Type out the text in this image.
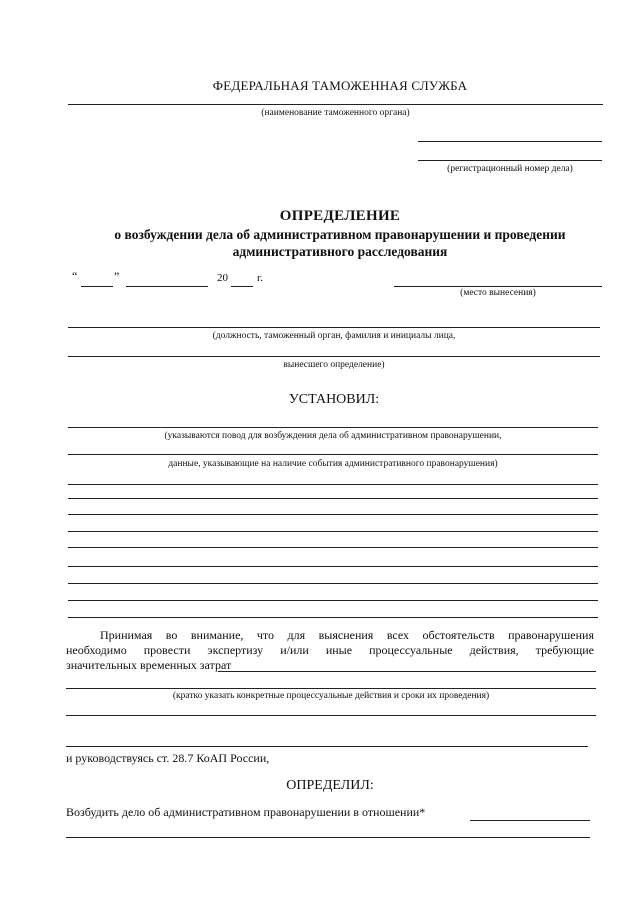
ФЕДЕРАЛЬНАЯ ТАМОЖЕННАЯ СЛУЖБА
(наименование таможенного органа)
(регистрационный номер дела)
ОПРЕДЕЛЕНИЕ
о возбуждении дела об административном правонарушении и проведении
административного расследования
“	”	20	г.
(место вынесения)
(должность, таможенный орган, фамилия и инициалы лица,
вынесшего определение)
УСТАНОВИЛ:
(указываются повод для возбуждения дела об административном правонарушении,
данные, указывающие на наличие события административного правонарушения)
Принимая во внимание, что для выяснения всех обстоятельств правонарушения
необходимо провести экспертизу и/или иные процессуальные действия, требующие
значительных временных затрат
(кратко указать конкретные процессуальные действия и сроки их проведения)
и руководствуясь ст. 28.7 КоАП России,
ОПРЕДЕЛИЛ:
Возбудить дело об административном правонарушении в отношении*
